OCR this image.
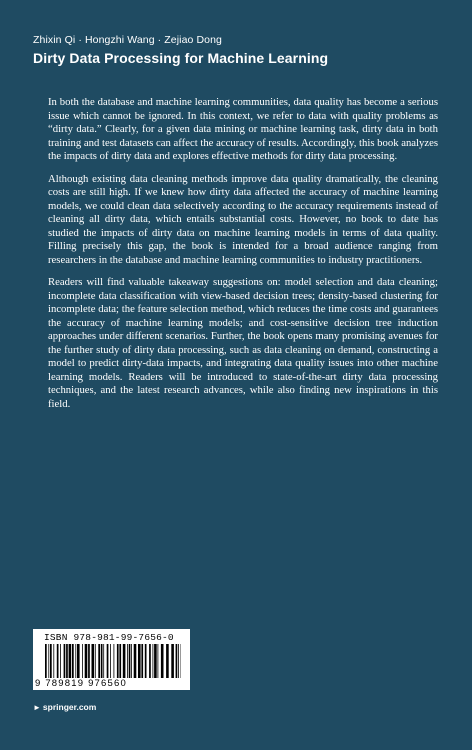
Zhixin Qi · Hongzhi Wang · Zejiao Dong
Dirty Data Processing for Machine Learning

In both the database and machine learning communities, data quality has become a serious issue which cannot be ignored. In this context, we refer to data with quality problems as “dirty data.” Clearly, for a given data mining or machine learning task, dirty data in both training and test datasets can affect the accuracy of results. Accordingly, this book analyzes the impacts of dirty data and explores effective methods for dirty data processing.

Although existing data cleaning methods improve data quality dramatically, the cleaning costs are still high. If we knew how dirty data affected the accuracy of machine learning models, we could clean data selectively according to the accuracy requirements instead of cleaning all dirty data, which entails substantial costs. However, no book to date has studied the impacts of dirty data on machine learning models in terms of data quality. Filling precisely this gap, the book is intended for a broad audience ranging from researchers in the database and machine learning communities to industry practitioners.

Readers will find valuable takeaway suggestions on: model selection and data cleaning; incomplete data classification with view-based decision trees; density-based clustering for incomplete data; the feature selection method, which reduces the time costs and guarantees the accuracy of machine learning models; and cost-sensitive decision tree induction approaches under different scenarios. Further, the book opens many promising avenues for the further study of dirty data processing, such as data cleaning on demand, constructing a model to predict dirty-data impacts, and integrating data quality issues into other machine learning models. Readers will be introduced to state-of-the-art dirty data processing techniques, and the latest research advances, while also finding new inspirations in this field.

ISBN 978-981-99-7656-0
9 789819 976560
► springer.com
